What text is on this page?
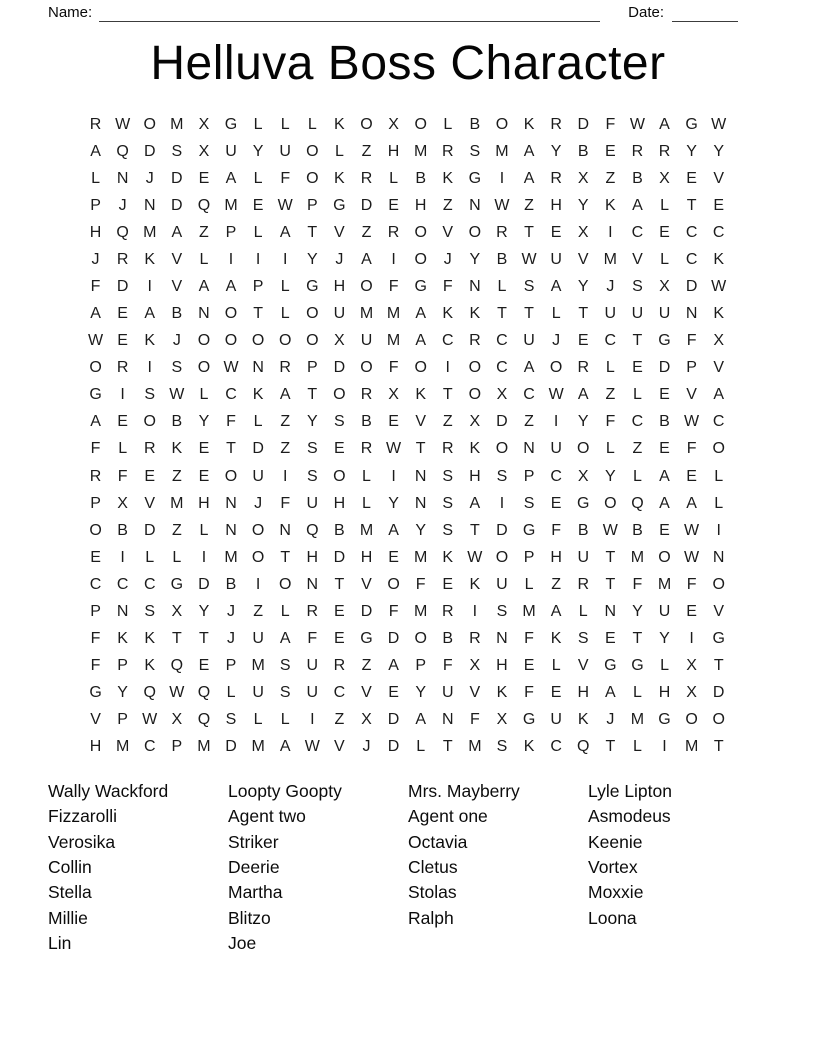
Name:	Date:
Helluva Boss Character
R W O M X G	L	L	L	K O X O	L	B O K R D	F W A G W
A Q D S	X U Y U O	L	Z	H M R S M A	Y	B	E R R Y	Y
L	N	J	D E	A	L	F O K R	L	B	K G	I	A R X	Z	B	X	E	V
P	J	N D Q M E W P G D E H	Z	N W Z	H Y	K	A	L	T	E
H Q M A	Z	P	L	A	T	V	Z	R O V O R	T	E	X	I	C E C C
J	R K	V	L	I	I	I	Y	J	A	I	O	J	Y	B W U V M V	L	C K
F	D	I	V	A	A	P	L	G H O F G F	N	L	S	A	Y	J	S	X D W
A	E	A	B N O T	L	O U M M A	K	K	T	T	L	T	U U U N K
W E	K	J	O O O O O X U M A C R C U	J	E C	T G F	X
O R	I	S O W N R P D O F O	I	O C A O R	L	E D P	V
G	I	S W L	C K	A	T O R X	K	T O X C W A	Z	L	E	V	A
A	E O B	Y	F	L	Z	Y	S	B	E	V	Z	X D	Z	I	Y	F	C B W C
F	L	R K	E	T	D	Z	S	E R W T	R K O N U O	L	Z	E	F O
R	F	E	Z	E O U	I	S O	L	I	N S H S	P C X	Y	L	A	E	L
P	X	V M H N	J	F	U H	L	Y N S	A	I	S	E G O Q A	A	L
O B D	Z	L	N O N Q B M A	Y	S	T	D G F	B W B	E W	I
E	I	L	L	I	M O T	H D H E M K W O P H U	T M O W N
C C C G D B	I	O N	T	V O F	E	K U	L	Z	R	T	F M F O
P N S	X	Y	J	Z	L	R E D	F M R	I	S M A	L	N Y U E	V
F	K	K	T	T	J	U A	F	E G D O B R N	F	K	S	E	T	Y	I	G
F	P	K Q E	P M S U R	Z	A	P	F	X H E	L	V G G	L	X	T
G Y Q W Q	L	U S U C V	E	Y U V	K	F	E H A	L	H X D
V	P W X Q S	L	L	I	Z	X D A N	F	X G U K	J	M G O O
H M C P M D M A W V	J	D	L	T M S	K C Q T	L	I	M T
Wally Wackford
Fizzarolli
Verosika
Collin
Stella
Millie
Lin
Loopty Goopty
Agent two
Striker
Deerie
Martha
Blitzo
Joe
Mrs. Mayberry
Agent one
Octavia
Cletus
Stolas
Ralph
Lyle Lipton
Asmodeus
Keenie
Vortex
Moxxie
Loona
